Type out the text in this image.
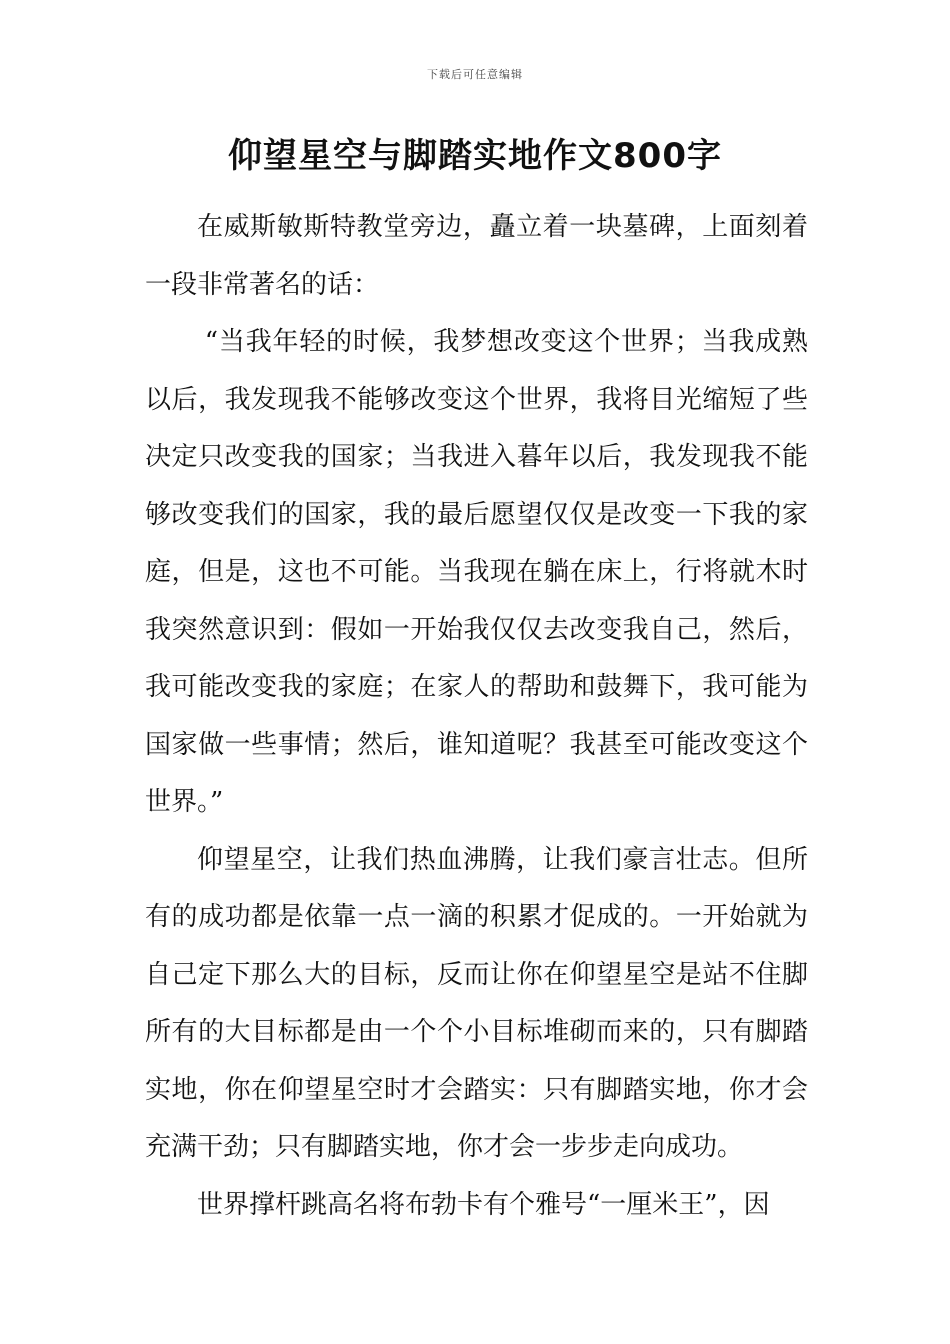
下载后可任意编辑
仰望星空与脚踏实地作文800字

在威斯敏斯特教堂旁边，矗立着一块墓碑，上面刻着一段非常著名的话：

“当我年轻的时候，我梦想改变这个世界；当我成熟以后，我发现我不能够改变这个世界，我将目光缩短了些决定只改变我的国家；当我进入暮年以后，我发现我不能够改变我们的国家，我的最后愿望仅仅是改变一下我的家庭，但是，这也不可能。当我现在躺在床上，行将就木时我突然意识到：假如一开始我仅仅去改变我自己，然后，我可能改变我的家庭；在家人的帮助和鼓舞下，我可能为国家做一些事情；然后，谁知道呢？我甚至可能改变这个世界。”

仰望星空，让我们热血沸腾，让我们豪言壮志。但所有的成功都是依靠一点一滴的积累才促成的。一开始就为自己定下那么大的目标，反而让你在仰望星空是站不住脚所有的大目标都是由一个个小目标堆砌而来的，只有脚踏实地，你在仰望星空时才会踏实：只有脚踏实地，你才会充满干劲；只有脚踏实地，你才会一步步走向成功。

世界撑杆跳高名将布勃卡有个雅号“一厘米王”，因
